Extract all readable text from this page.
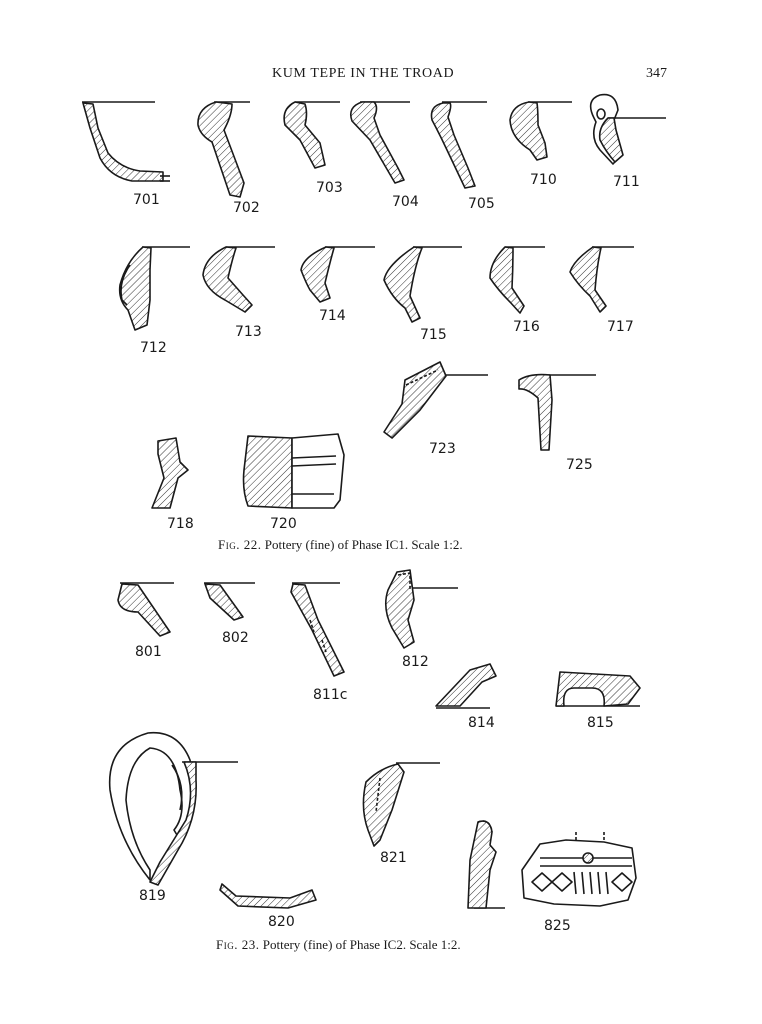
KUM TEPE IN THE TROAD	347
701	702
703
704	705
710	711
712
713
714
715	716	717
723
725
718	720
801
802
811c
812
814	815
819
820
821
825
Fig. 22. Pottery (fine) of Phase IC1. Scale 1:2.
Fig. 23. Pottery (fine) of Phase IC2. Scale 1:2.
